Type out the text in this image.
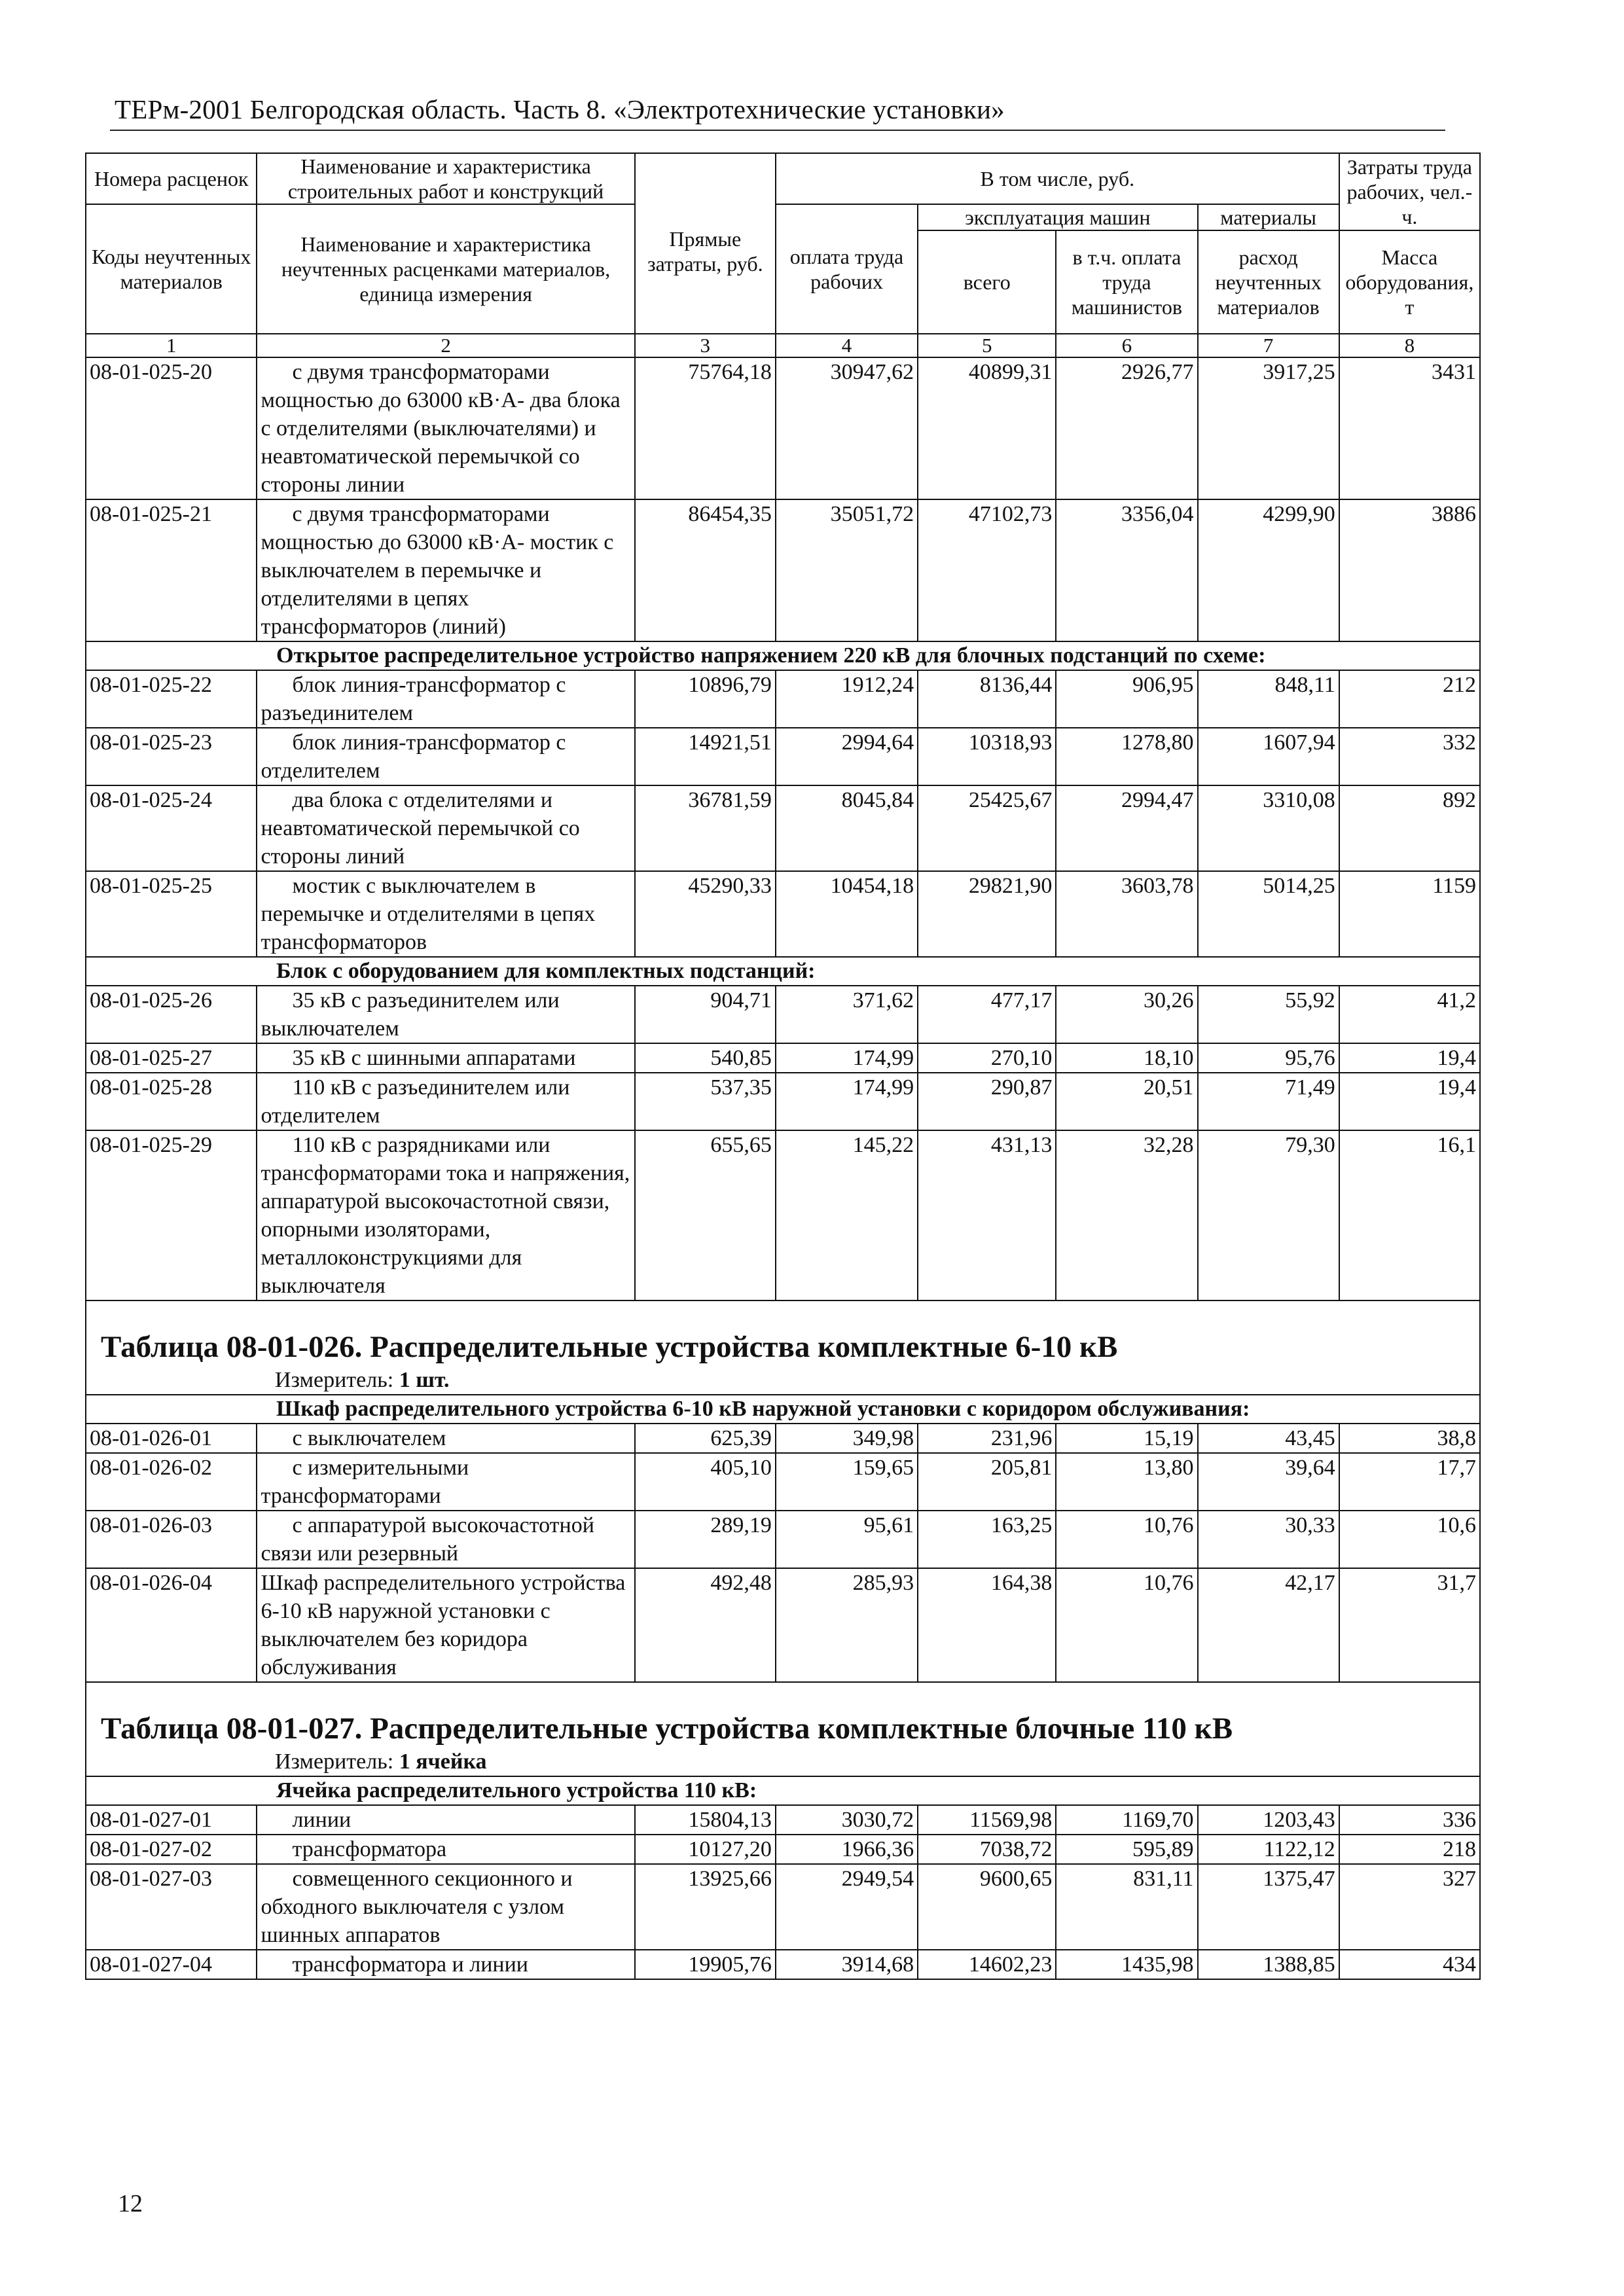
ТЕРм-2001 Белгородская область. Часть 8. «Электротехнические установки»
Номера расценок	Наименование и характеристика строительных работ и конструкций	Прямые затраты, руб.	В том числе, руб.				Затраты труда рабочих, чел.-ч.
Коды неучтенных материалов	Наименование и характеристика неучтенных расценками материалов, единица измерения		оплата труда рабочих	эксплуатация машин		материалы	
				всего	в т.ч. оплата труда машинистов	расход неучтенных материалов	Масса оборудования, т
1	2	3	4	5	6	7	8
08-01-025-20	с двумя трансформаторами мощностью до 63000 кВ·А- два блока с отделителями (выключателями) и неавтоматической перемычкой со стороны линии	75764,18	30947,62	40899,31	2926,77	3917,25	3431
08-01-025-21	с двумя трансформаторами мощностью до 63000 кВ·А- мостик с выключателем в перемычке и отделителями в цепях трансформаторов (линий)	86454,35	35051,72	47102,73	3356,04	4299,90	3886
Открытое распределительное устройство напряжением 220 кВ для блочных подстанций по схеме:							
08-01-025-22	блок линия-трансформатор с разъединителем	10896,79	1912,24	8136,44	906,95	848,11	212
08-01-025-23	блок линия-трансформатор с отделителем	14921,51	2994,64	10318,93	1278,80	1607,94	332
08-01-025-24	два блока с отделителями и неавтоматической перемычкой со стороны линий	36781,59	8045,84	25425,67	2994,47	3310,08	892
08-01-025-25	мостик с выключателем в перемычке и отделителями в цепях трансформаторов	45290,33	10454,18	29821,90	3603,78	5014,25	1159
Блок с оборудованием для комплектных подстанций:							
08-01-025-26	35 кВ с разъединителем или выключателем	904,71	371,62	477,17	30,26	55,92	41,2
08-01-025-27	35 кВ с шинными аппаратами	540,85	174,99	270,10	18,10	95,76	19,4
08-01-025-28	110 кВ с разъединителем или отделителем	537,35	174,99	290,87	20,51	71,49	19,4
08-01-025-29	110 кВ с разрядниками или трансформаторами тока и напряжения, аппаратурой высокочастотной связи, опорными изоляторами, металлоконструкциями для выключателя	655,65	145,22	431,13	32,28	79,30	16,1

Таблица 08-01-026. Распределительные устройства комплектные 6-10 кВ							
Измеритель: 1 шт.							
Шкаф распределительного устройства 6-10 кВ наружной установки с коридором обслуживания:							
08-01-026-01	с выключателем	625,39	349,98	231,96	15,19	43,45	38,8
08-01-026-02	с измерительными трансформаторами	405,10	159,65	205,81	13,80	39,64	17,7
08-01-026-03	с аппаратурой высокочастотной связи или резервный	289,19	95,61	163,25	10,76	30,33	10,6
08-01-026-04	Шкаф распределительного устройства 6-10 кВ наружной установки с выключателем без коридора обслуживания	492,48	285,93	164,38	10,76	42,17	31,7

Таблица 08-01-027. Распределительные устройства комплектные блочные 110 кВ							
Измеритель: 1 ячейка							
Ячейка распределительного устройства 110 кВ:							
08-01-027-01	линии	15804,13	3030,72	11569,98	1169,70	1203,43	336
08-01-027-02	трансформатора	10127,20	1966,36	7038,72	595,89	1122,12	218
08-01-027-03	совмещенного секционного и обходного выключателя с узлом шинных аппаратов	13925,66	2949,54	9600,65	831,11	1375,47	327
08-01-027-04	трансформатора и линии	19905,76	3914,68	14602,23	1435,98	1388,85	434
12
